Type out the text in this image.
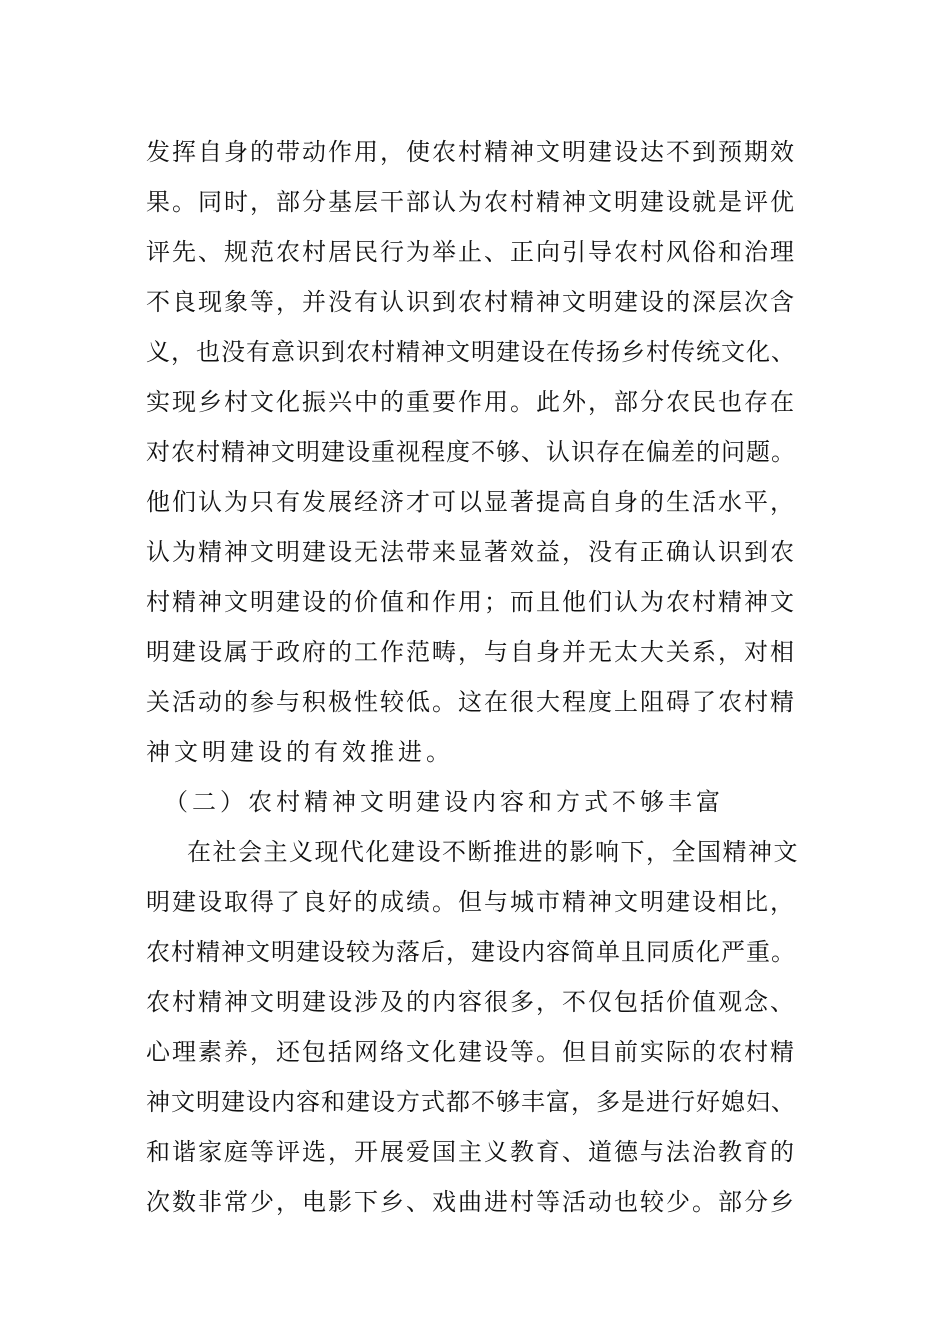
发挥自身的带动作用，使农村精神文明建设达不到预期效
果。同时，部分基层干部认为农村精神文明建设就是评优
评先、规范农村居民行为举止、正向引导农村风俗和治理
不良现象等，并没有认识到农村精神文明建设的深层次含
义，也没有意识到农村精神文明建设在传扬乡村传统文化、
实现乡村文化振兴中的重要作用。此外，部分农民也存在
对农村精神文明建设重视程度不够、认识存在偏差的问题。
他们认为只有发展经济才可以显著提高自身的生活水平，
认为精神文明建设无法带来显著效益，没有正确认识到农
村精神文明建设的价值和作用；而且他们认为农村精神文
明建设属于政府的工作范畴，与自身并无太大关系，对相
关活动的参与积极性较低。这在很大程度上阻碍了农村精
神文明建设的有效推进。
（二）农村精神文明建设内容和方式不够丰富
在社会主义现代化建设不断推进的影响下，全国精神文
明建设取得了良好的成绩。但与城市精神文明建设相比，
农村精神文明建设较为落后，建设内容简单且同质化严重。
农村精神文明建设涉及的内容很多，不仅包括价值观念、
心理素养，还包括网络文化建设等。但目前实际的农村精
神文明建设内容和建设方式都不够丰富，多是进行好媳妇、
和谐家庭等评选，开展爱国主义教育、道德与法治教育的
次数非常少，电影下乡、戏曲进村等活动也较少。部分乡
